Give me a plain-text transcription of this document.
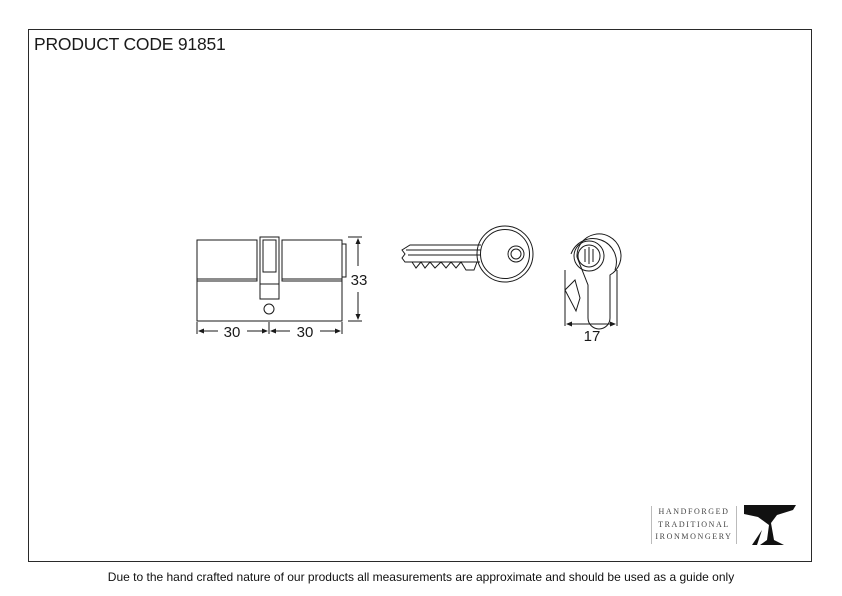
PRODUCT CODE 91851
30	30
33
17
HANDFORGED
TRADITIONAL
IRONMONGERY
Due to the hand crafted nature of our products all measurements are approximate and should be used as a guide only
